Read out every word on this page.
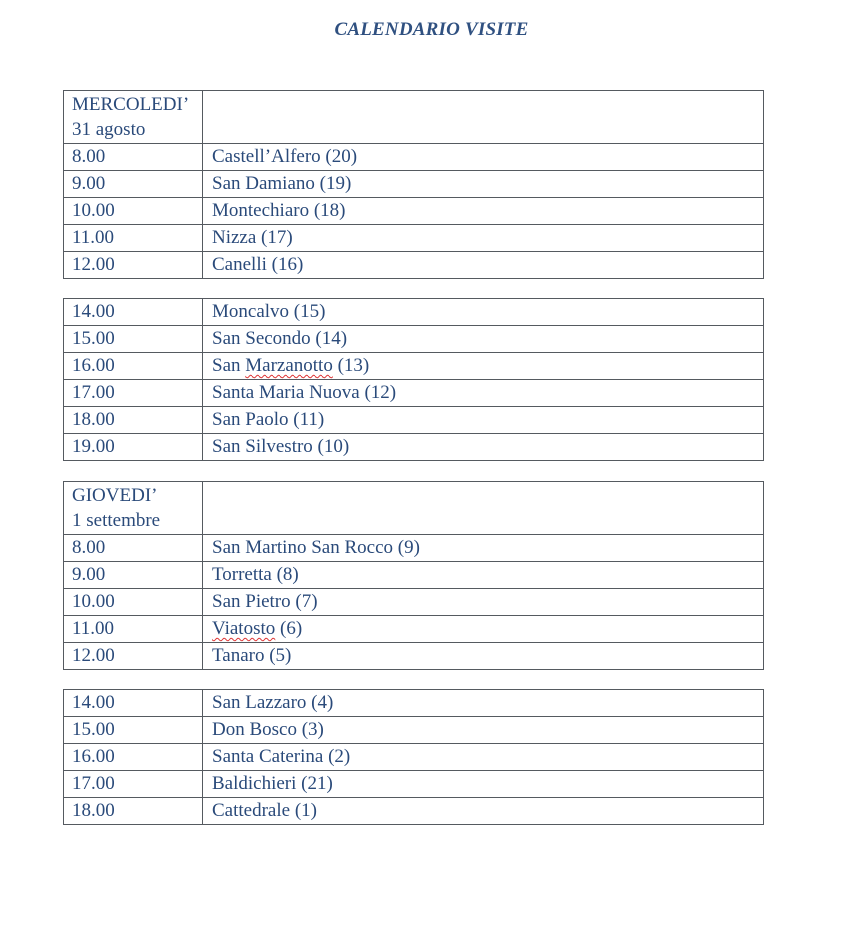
CALENDARIO VISITE
MERCOLEDI’
31 agosto	

8.00	Castell’Alfero (20)
9.00	San Damiano (19)
10.00	Montechiaro (18)
11.00	Nizza (17)
12.00	Canelli (16)
14.00	Moncalvo (15)
15.00	San Secondo (14)
16.00	San Marzanotto (13)
17.00	Santa Maria Nuova (12)
18.00	San Paolo (11)
19.00	San Silvestro (10)
GIOVEDI’
1 settembre	

8.00	San Martino San Rocco (9)
9.00	Torretta (8)
10.00	San Pietro (7)
11.00	Viatosto (6)
12.00	Tanaro (5)
14.00	San Lazzaro (4)
15.00	Don Bosco (3)
16.00	Santa Caterina (2)
17.00	Baldichieri (21)
18.00	Cattedrale (1)
